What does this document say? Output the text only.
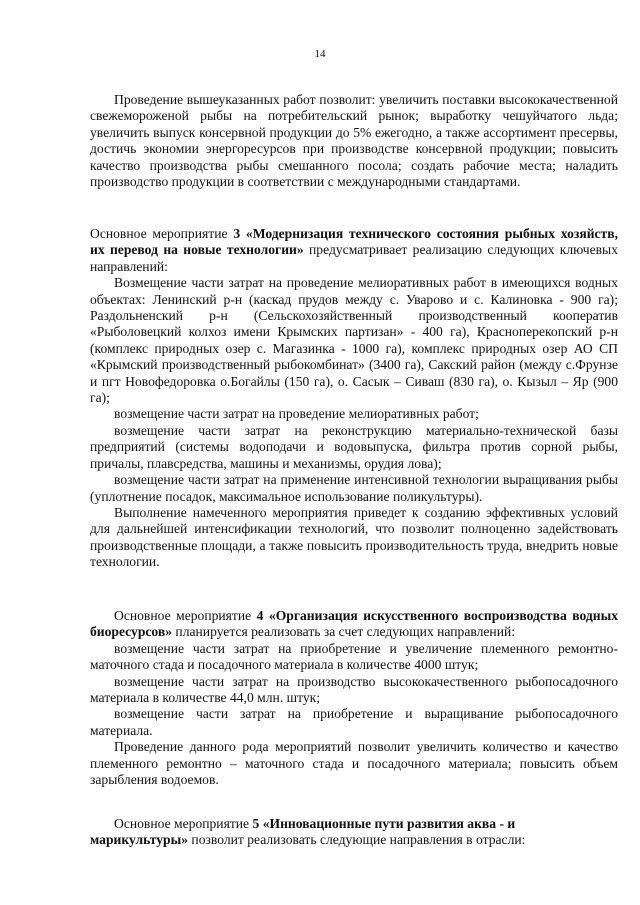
14

Проведение вышеуказанных работ позволит: увеличить поставки высококачественной свежемороженой рыбы на потребительский рынок; выработку чешуйчатого льда; увеличить выпуск консервной продукции до 5% ежегодно, а также ассортимент пресервы, достичь экономии энергоресурсов при производстве консервной продукции; повысить качество производства рыбы смешанного посола; создать рабочие места; наладить производство продукции в соответствии с международными стандартами.

Основное мероприятие 3 «Модернизация технического состояния рыбных хозяйств, их перевод на новые технологии» предусматривает реализацию следующих ключевых направлений:

Возмещение части затрат на проведение мелиоративных работ в имеющихся водных объектах: Ленинский р-н (каскад прудов между с. Уварово и с. Калиновка - 900 га); Раздольненский р-н (Сельскохозяйственный производственный кооператив «Рыболовецкий колхоз имени Крымских партизан» - 400 га), Красноперекопский р-н (комплекс природных озер с. Магазинка - 1000 га), комплекс природных озер АО СП «Крымский производственный рыбокомбинат» (3400 га), Сакский район (между с.Фрунзе и пгт Новофедоровка о.Богайлы (150 га), о. Сасык – Сиваш (830 га), о. Кызыл – Яр (900 га);

возмещение части затрат на проведение мелиоративных работ;

возмещение части затрат на реконструкцию материально-технической базы предприятий (системы водоподачи и водовыпуска, фильтра против сорной рыбы, причалы, плавсредства, машины и механизмы, орудия лова);

возмещение части затрат на применение интенсивной технологии выращивания рыбы (уплотнение посадок, максимальное использование поликультуры).

Выполнение намеченного мероприятия приведет к созданию эффективных условий для дальнейшей интенсификации технологий, что позволит полноценно задействовать производственные площади, а также повысить производительность труда, внедрить новые технологии.

Основное мероприятие 4 «Организация искусственного воспроизводства водных биоресурсов» планируется реализовать за счет следующих направлений:

возмещение части затрат на приобретение и увеличение племенного ремонтно-маточного стада и посадочного материала в количестве 4000 штук;

возмещение части затрат на производство высококачественного рыбопосадочного материала в количестве 44,0 млн. штук;

возмещение части затрат на приобретение и выращивание рыбопосадочного материала.

Проведение данного рода мероприятий позволит увеличить количество и качество племенного ремонтно – маточного стада и посадочного материала; повысить объем зарыбления водоемов.

Основное мероприятие 5 «Инновационные пути развития аква - и
марикультуры» позволит реализовать следующие направления в отрасли:
